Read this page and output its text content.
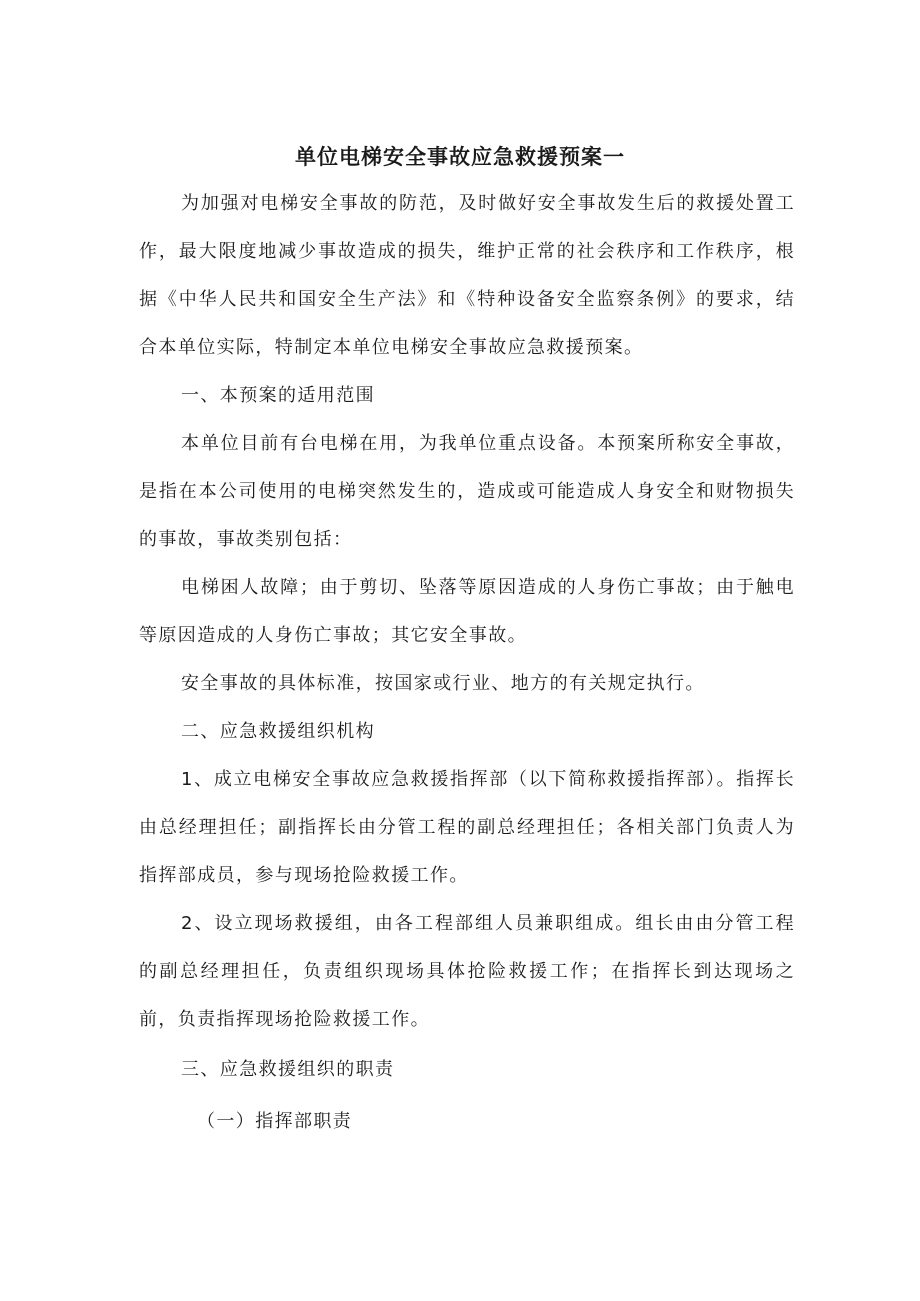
单位电梯安全事故应急救援预案一

为加强对电梯安全事故的防范，及时做好安全事故发生后的救援处置工作，最大限度地减少事故造成的损失，维护正常的社会秩序和工作秩序，根据《中华人民共和国安全生产法》和《特种设备安全监察条例》的要求，结合本单位实际，特制定本单位电梯安全事故应急救援预案。

一、本预案的适用范围

本单位目前有台电梯在用，为我单位重点设备。本预案所称安全事故，是指在本公司使用的电梯突然发生的，造成或可能造成人身安全和财物损失的事故，事故类别包括：

电梯困人故障；由于剪切、坠落等原因造成的人身伤亡事故；由于触电等原因造成的人身伤亡事故；其它安全事故。

安全事故的具体标准，按国家或行业、地方的有关规定执行。

二、应急救援组织机构

1、成立电梯安全事故应急救援指挥部（以下简称救援指挥部）。指挥长由总经理担任；副指挥长由分管工程的副总经理担任；各相关部门负责人为指挥部成员，参与现场抢险救援工作。

2、设立现场救援组，由各工程部组人员兼职组成。组长由由分管工程的副总经理担任，负责组织现场具体抢险救援工作；在指挥长到达现场之前，负责指挥现场抢险救援工作。

三、应急救援组织的职责

（一）指挥部职责
